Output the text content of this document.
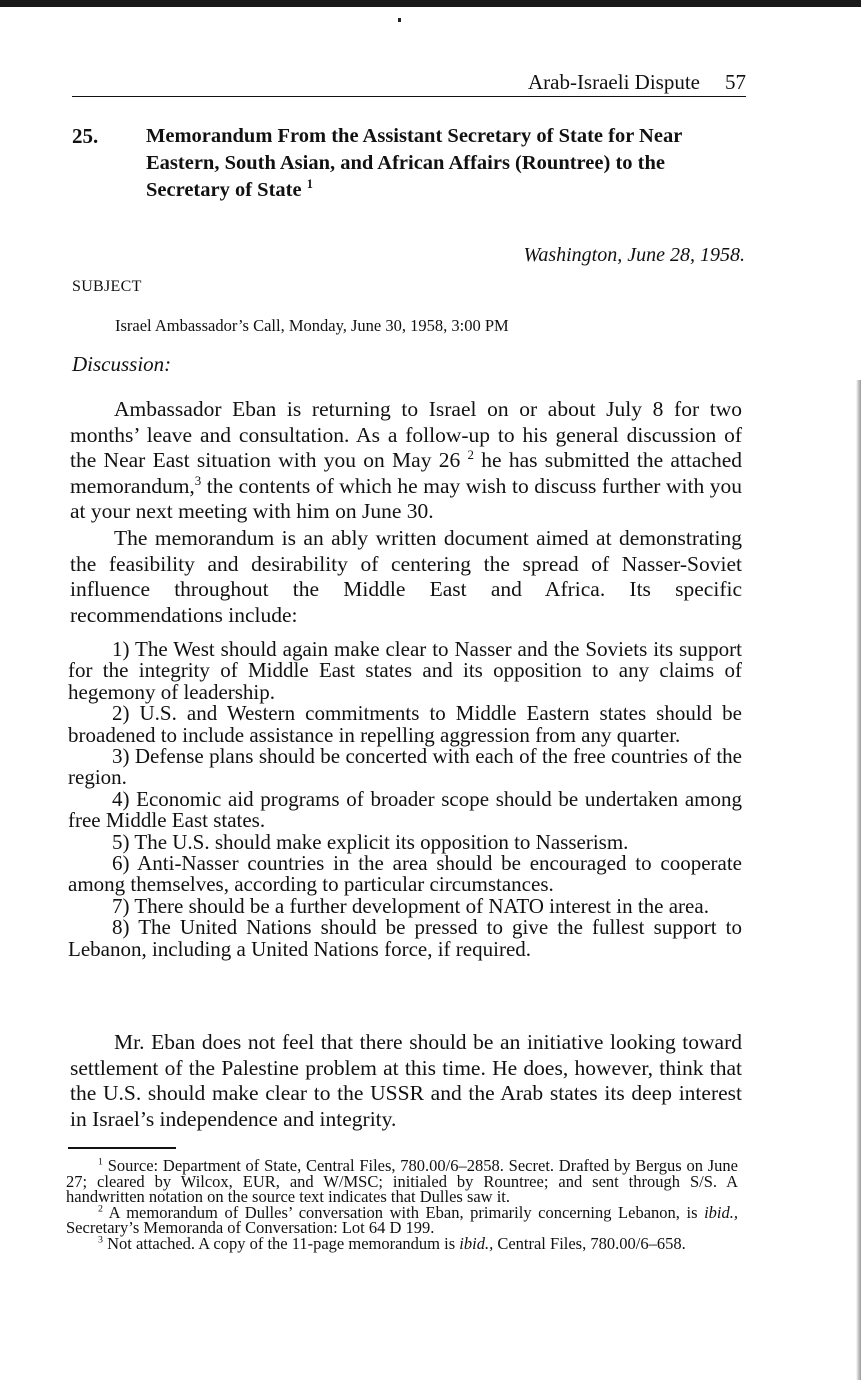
Arab-Israeli Dispute 57
25. Memorandum From the Assistant Secretary of State for Near Eastern, South Asian, and African Affairs (Rountree) to the Secretary of State $^1$
Washington, June 28, 1958.
SUBJECT
Israel Ambassador’s Call, Monday, June 30, 1958, 3:00 PM
Discussion:

Ambassador Eban is returning to Israel on or about July 8 for two months’ leave and consultation. As a follow-up to his general discussion of the Near East situation with you on May 26 $^2$ he has submitted the attached memorandum,$^3$ the contents of which he may wish to discuss further with you at your next meeting with him on June 30.

The memorandum is an ably written document aimed at demonstrating the feasibility and desirability of centering the spread of Nasser-Soviet influence throughout the Middle East and Africa. Its specific recommendations include:

1) The West should again make clear to Nasser and the Soviets its support for the integrity of Middle East states and its opposition to any claims of hegemony of leadership.
2) U.S. and Western commitments to Middle Eastern states should be broadened to include assistance in repelling aggression from any quarter.
3) Defense plans should be concerted with each of the free countries of the region.
4) Economic aid programs of broader scope should be undertaken among free Middle East states.
5) The U.S. should make explicit its opposition to Nasserism.
6) Anti-Nasser countries in the area should be encouraged to cooperate among themselves, according to particular circumstances.
7) There should be a further development of NATO interest in the area.
8) The United Nations should be pressed to give the fullest support to Lebanon, including a United Nations force, if required.

Mr. Eban does not feel that there should be an initiative looking toward settlement of the Palestine problem at this time. He does, however, think that the U.S. should make clear to the USSR and the Arab states its deep interest in Israel’s independence and integrity.

$^1$ Source: Department of State, Central Files, 780.00/6–2858. Secret. Drafted by Bergus on June 27; cleared by Wilcox, EUR, and W/MSC; initialed by Rountree; and sent through S/S. A handwritten notation on the source text indicates that Dulles saw it.

$^2$ A memorandum of Dulles’ conversation with Eban, primarily concerning Lebanon, is ibid., Secretary’s Memoranda of Conversation: Lot 64 D 199.

$^3$ Not attached. A copy of the 11-page memorandum is ibid., Central Files, 780.00/6–658.
